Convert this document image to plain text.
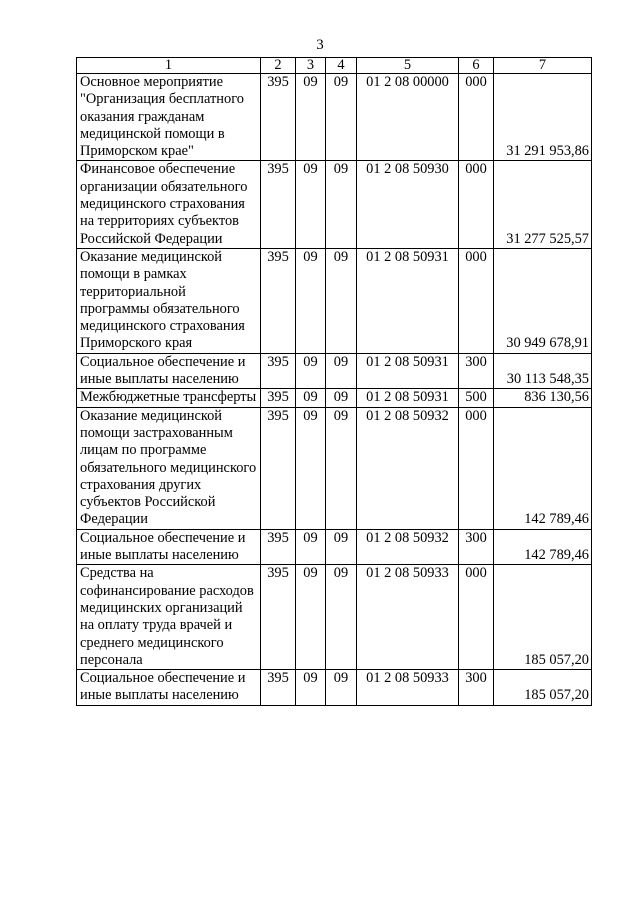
3
1	2	3	4	5	6	7
Основное мероприятие "Организация бесплатного оказания гражданам медицинской помощи в Приморском крае"	395	09	09	01 2 08 00000	000	31 291 953,86
Финансовое обеспечение организации обязательного медицинского страхования на территориях субъектов Российской Федерации	395	09	09	01 2 08 50930	000	31 277 525,57
Оказание медицинской помощи в рамках территориальной программы обязательного медицинского страхования Приморского края	395	09	09	01 2 08 50931	000	30 949 678,91
Социальное обеспечение и иные выплаты населению	395	09	09	01 2 08 50931	300	30 113 548,35
Межбюджетные трансферты	395	09	09	01 2 08 50931	500	836 130,56
Оказание медицинской помощи застрахованным лицам по программе обязательного медицинского страхования других субъектов Российской Федерации	395	09	09	01 2 08 50932	000	142 789,46
Социальное обеспечение и иные выплаты населению	395	09	09	01 2 08 50932	300	142 789,46
Средства на софинансирование расходов медицинских организаций на оплату труда врачей и среднего медицинского персонала	395	09	09	01 2 08 50933	000	185 057,20
Социальное обеспечение и иные выплаты населению	395	09	09	01 2 08 50933	300	185 057,20
